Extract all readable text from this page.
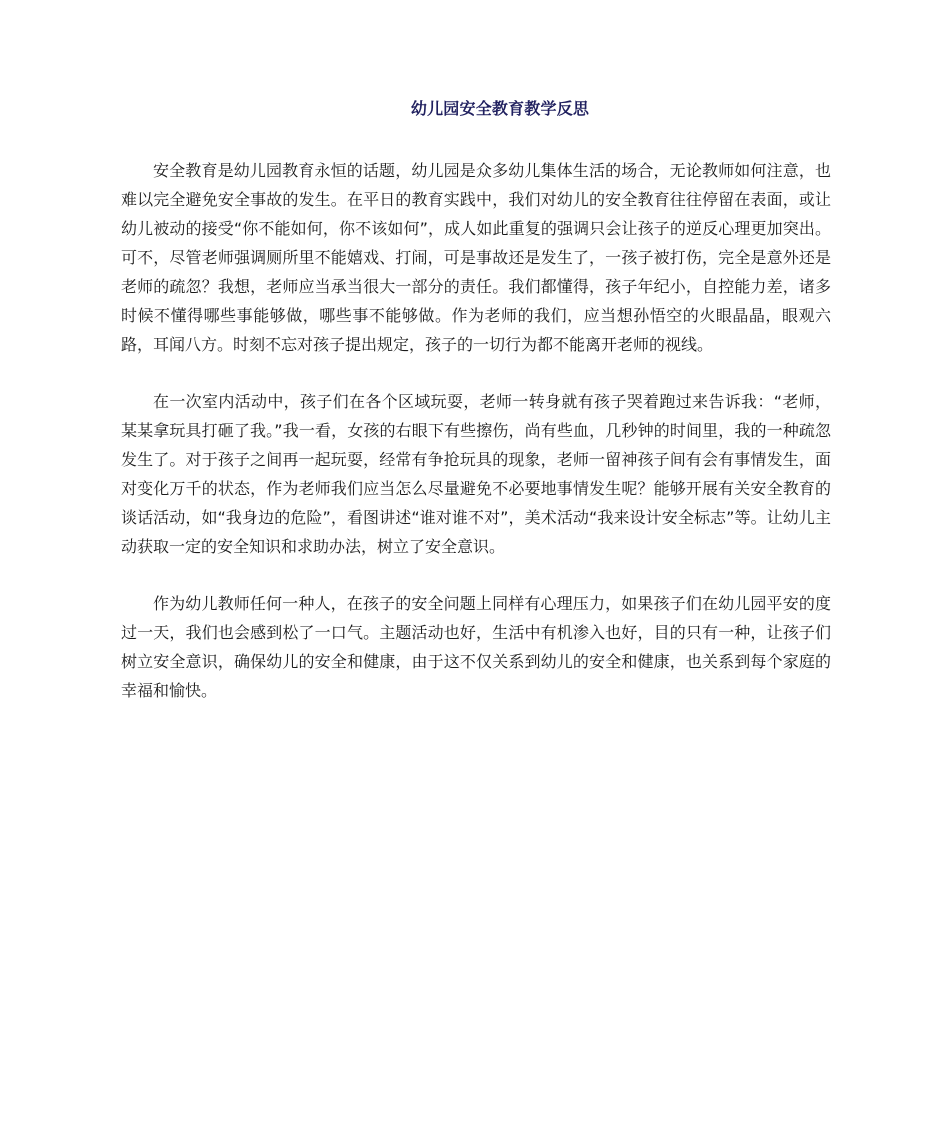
幼儿园安全教育教学反思

安全教育是幼儿园教育永恒的话题，幼儿园是众多幼儿集体生活的场合，无论教师如何注意，也难以完全避免安全事故的发生。在平日的教育实践中，我们对幼儿的安全教育往往停留在表面，或让幼儿被动的接受“你不能如何，你不该如何”，成人如此重复的强调只会让孩子的逆反心理更加突出。可不，尽管老师强调厕所里不能嬉戏、打闹，可是事故还是发生了，一孩子被打伤，完全是意外还是老师的疏忽？我想，老师应当承当很大一部分的责任。我们都懂得，孩子年纪小，自控能力差，诸多时候不懂得哪些事能够做，哪些事不能够做。作为老师的我们，应当想孙悟空的火眼晶晶，眼观六路，耳闻八方。时刻不忘对孩子提出规定，孩子的一切行为都不能离开老师的视线。

在一次室内活动中，孩子们在各个区域玩耍，老师一转身就有孩子哭着跑过来告诉我：“老师，某某拿玩具打砸了我。”我一看，女孩的右眼下有些擦伤，尚有些血，几秒钟的时间里，我的一种疏忽发生了。对于孩子之间再一起玩耍，经常有争抢玩具的现象，老师一留神孩子间有会有事情发生，面对变化万千的状态，作为老师我们应当怎么尽量避免不必要地事情发生呢？能够开展有关安全教育的谈话活动，如“我身边的危险”，看图讲述“谁对谁不对”，美术活动“我来设计安全标志”等。让幼儿主动获取一定的安全知识和求助办法，树立了安全意识。

作为幼儿教师任何一种人，在孩子的安全问题上同样有心理压力，如果孩子们在幼儿园平安的度过一天，我们也会感到松了一口气。主题活动也好，生活中有机渗入也好，目的只有一种，让孩子们树立安全意识，确保幼儿的安全和健康，由于这不仅关系到幼儿的安全和健康，也关系到每个家庭的幸福和愉快。
